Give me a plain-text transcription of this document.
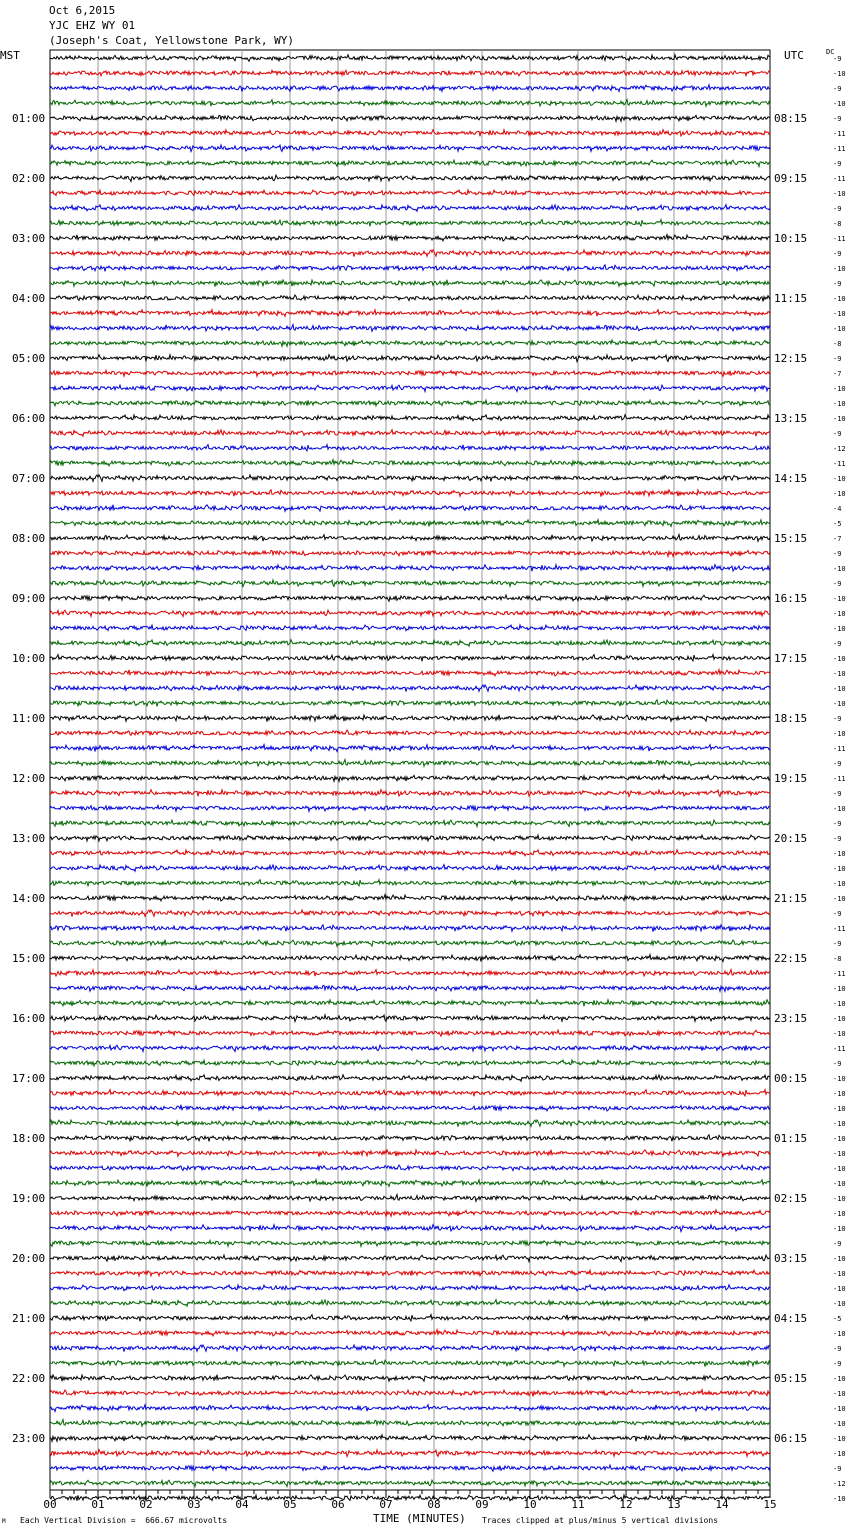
Oct 6,2015
YJC EHZ WY 01
(Joseph's Coat, Yellowstone Park, WY)
MST	UTC	DC
-9
-10
-9
-10
-9
-11
-11
-9
-11
-10
-9
-8
-11
-9
-10
-9
-10
-10
-10
-8
-9
-7
-10
-10
-10
-9
-12
-11
-10
-10
-4
-5
-7
-9
-10
-9
-10
-10
-10
-9
-10
-10
-10
-10
-9
-10
-11
-9
-11
-9
-10
-9
-9
-10
-10
-10
-10
-9
-11
-9
-8
-11
-10
-10
-10
-10
-11
-9
-10
-10
-10
-10
-10
-10
-10
-10
-10
-10
-10
-9
-10
-10
-10
-10
-5
-10
-9
-9
-10
-10
-10
-10
-10
-10
-9
-12
-10
01:00
02:00
03:00
04:00
05:00
06:00
07:00
08:00
09:00
10:00
11:00
12:00
13:00
14:00
15:00
16:00
17:00
18:00
19:00
20:00
21:00
22:00
23:00
08:15
09:15
10:15
11:15
12:15
13:15
14:15
15:15
16:15
17:15
18:15
19:15
20:15
21:15
22:15
23:15
00:15
01:15
02:15
03:15
04:15
05:15
06:15
00	01	02	03	04	05	06	07	08	09	10	11	12	13	14	15
TIME (MINUTES)
Each Vertical Division =  666.67 microvolts	Traces clipped at plus/minus 5 vertical divisions
M
